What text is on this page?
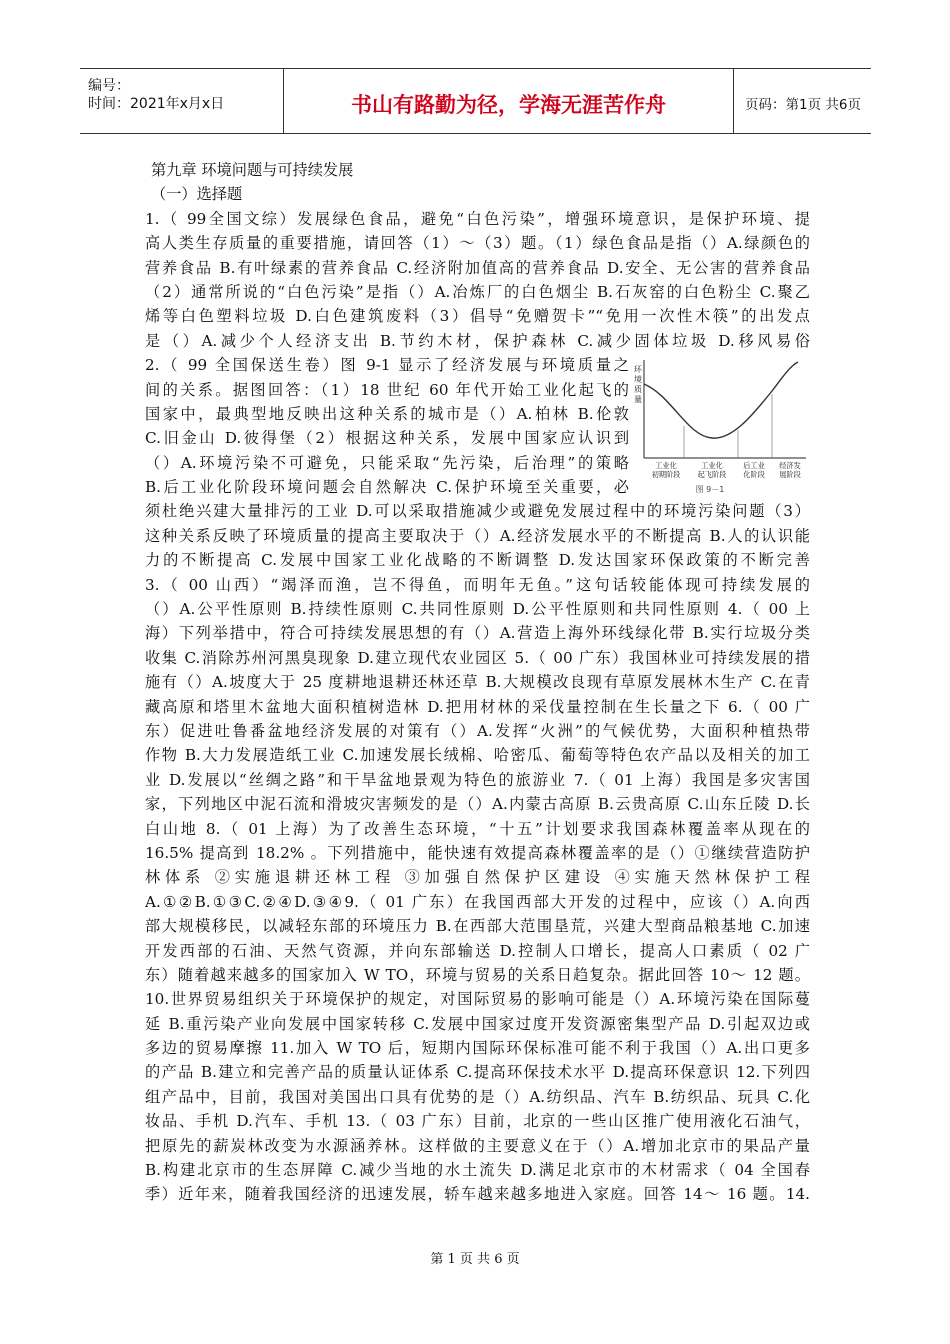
编号：
时间：2021年x月x日	书山有路勤为径，学海无涯苦作舟	页码：第1页 共6页
第九章 环境问题与可持续发展
（一）选择题
1.（ 99全国文综）发展绿色食品，避免“白色污染”，增强环境意识，是保护环境、提
高人类生存质量的重要措施，请回答（1）～（3）题。（1）绿色食品是指（）A.绿颜色的
营养食品 B.有叶绿素的营养食品 C.经济附加值高的营养食品 D.安全、无公害的营养食品
（2）通常所说的“白色污染”是指（）A.冶炼厂的白色烟尘 B.石灰窑的白色粉尘 C.聚乙
烯等白色塑料垃圾 D.白色建筑废料（3）倡导“免赠贺卡”“免用一次性木筷”的出发点
是（）A.减少个人经济支出 B.节约木材，保护森林 C.减少固体垃圾 D.移风易俗
2.（ 99 全国保送生卷）图 9-1 显示了经济发展与环境质量之
间的关系。据图回答：（1）18 世纪 60 年代开始工业化起飞的
国家中，最典型地反映出这种关系的城市是（）A.柏林 B.伦敦
C.旧金山 D.彼得堡（2）根据这种关系，发展中国家应认识到
（）A.环境污染不可避免，只能采取“先污染，后治理”的策略
B.后工业化阶段环境问题会自然解决 C.保护环境至关重要，必
须杜绝兴建大量排污的工业 D.可以采取措施减少或避免发展过程中的环境污染问题（3）
这种关系反映了环境质量的提高主要取决于（）A.经济发展水平的不断提高 B.人的认识能
力的不断提高 C.发展中国家工业化战略的不断调整 D.发达国家环保政策的不断完善
3.（ 00 山西）“竭泽而渔，岂不得鱼，而明年无鱼。”这句话较能体现可持续发展的
（）A.公平性原则 B.持续性原则 C.共同性原则 D.公平性原则和共同性原则 4.（ 00 上
海）下列举措中，符合可持续发展思想的有（）A.营造上海外环线绿化带 B.实行垃圾分类
收集 C.消除苏州河黑臭现象 D.建立现代农业园区 5.（ 00 广东）我国林业可持续发展的措
施有（）A.坡度大于 25 度耕地退耕还林还草 B.大规模改良现有草原发展林木生产 C.在青
藏高原和塔里木盆地大面积植树造林 D.把用材林的采伐量控制在生长量之下 6.（ 00 广
东）促进吐鲁番盆地经济发展的对策有（）A.发挥“火洲”的气候优势，大面积种植热带
作物 B.大力发展造纸工业 C.加速发展长绒棉、哈密瓜、葡萄等特色农产品以及相关的加工
业 D.发展以“丝绸之路”和干旱盆地景观为特色的旅游业 7.（ 01 上海）我国是多灾害国
家，下列地区中泥石流和滑坡灾害频发的是（）A.内蒙古高原 B.云贵高原 C.山东丘陵 D.长
白山地 8.（ 01 上海）为了改善生态环境，“十五”计划要求我国森林覆盖率从现在的
16.5% 提高到 18.2% 。下列措施中，能快速有效提高森林覆盖率的是（）①继续营造防护
林体系 ②实施退耕还林工程 ③加强自然保护区建设 ④实施天然林保护工程
A.①②B.①③C.②④D.③④9.（ 01 广东）在我国西部大开发的过程中，应该（）A.向西
部大规模移民，以减轻东部的环境压力 B.在西部大范围垦荒，兴建大型商品粮基地 C.加速
开发西部的石油、天然气资源，并向东部输送 D.控制人口增长，提高人口素质（ 02 广
东）随着越来越多的国家加入 W TO，环境与贸易的关系日趋复杂。据此回答 10～ 12 题。
10.世界贸易组织关于环境保护的规定，对国际贸易的影响可能是（）A.环境污染在国际蔓
延 B.重污染产业向发展中国家转移 C.发展中国家过度开发资源密集型产品 D.引起双边或
多边的贸易摩擦 11.加入 W TO 后，短期内国际环保标准可能不利于我国（）A.出口更多
的产品 B.建立和完善产品的质量认证体系 C.提高环保技术水平 D.提高环保意识 12.下列四
组产品中，目前，我国对美国出口具有优势的是（）A.纺织品、汽车 B.纺织品、玩具 C.化
妆品、手机 D.汽车、手机 13.（ 03 广东）目前，北京的一些山区推广使用液化石油气，
把原先的薪炭林改变为水源涵养林。这样做的主要意义在于（）A.增加北京市的果品产量
B.构建北京市的生态屏障 C.减少当地的水土流失 D.满足北京市的木材需求（ 04 全国春
季）近年来，随着我国经济的迅速发展，轿车越来越多地进入家庭。回答 14～ 16 题。14.
环
境
质
量
工业化
初期阶段
工业化
起飞阶段
后工业
化阶段
经济发
展阶段
图 9－1
第 1 页 共 6 页
